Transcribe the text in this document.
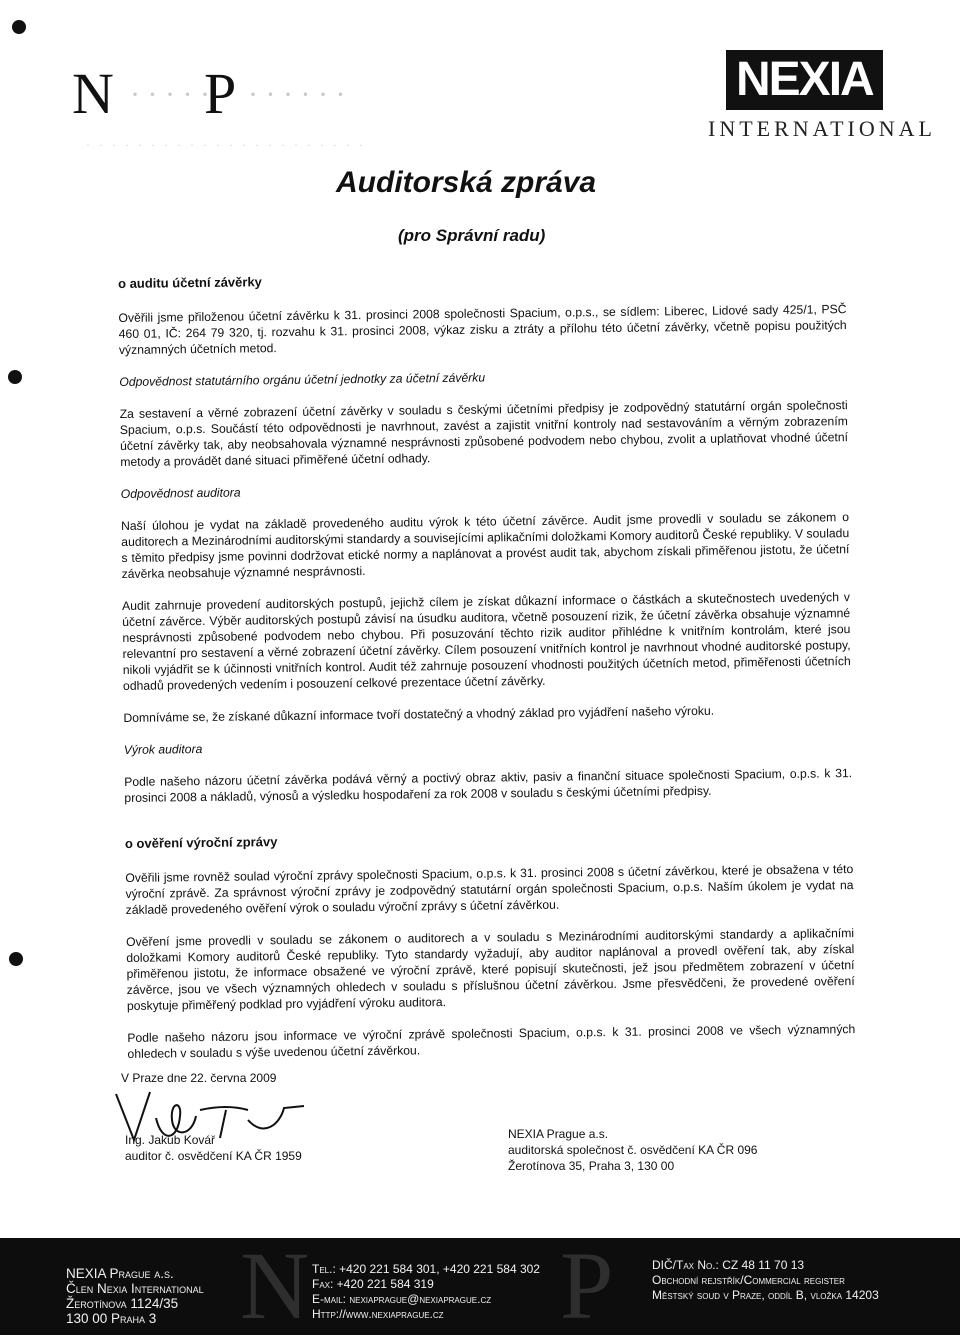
N · · · · ·
P · · · · · ·
· · · · · · · · · · · · · · · · · · · · · ·
NEXIA
INTERNATIONAL
Auditorská zpráva
(pro Správní radu)
o auditu účetní závěrky

Ověřili jsme přiloženou účetní závěrku k 31. prosinci 2008 společnosti Spacium, o.p.s., se sídlem: Liberec, Lidové sady 425/1, PSČ 460 01, IČ: 264 79 320, tj. rozvahu k 31. prosinci 2008, výkaz zisku a ztráty a přílohu této účetní závěrky, včetně popisu použitých významných účetních metod.

Odpovědnost statutárního orgánu účetní jednotky za účetní závěrku

Za sestavení a věrné zobrazení účetní závěrky v souladu s českými účetními předpisy je zodpovědný statutární orgán společnosti Spacium, o.p.s. Součástí této odpovědnosti je navrhnout, zavést a zajistit vnitřní kontroly nad sestavováním a věrným zobrazením účetní závěrky tak, aby neobsahovala významné nesprávnosti způsobené podvodem nebo chybou, zvolit a uplatňovat vhodné účetní metody a provádět dané situaci přiměřené účetní odhady.

Odpovědnost auditora

Naší úlohou je vydat na základě provedeného auditu výrok k této účetní závěrce. Audit jsme provedli v souladu se zákonem o auditorech a Mezinárodními auditorskými standardy a souvisejícími aplikačními doložkami Komory auditorů České republiky. V souladu s těmito předpisy jsme povinni dodržovat etické normy a naplánovat a provést audit tak, abychom získali přiměřenou jistotu, že účetní závěrka neobsahuje významné nesprávnosti.

Audit zahrnuje provedení auditorských postupů, jejichž cílem je získat důkazní informace o částkách a skutečnostech uvedených v účetní závěrce. Výběr auditorských postupů závisí na úsudku auditora, včetně posouzení rizik, že účetní závěrka obsahuje významné nesprávnosti způsobené podvodem nebo chybou. Při posuzování těchto rizik auditor přihlédne k vnitřním kontrolám, které jsou relevantní pro sestavení a věrné zobrazení účetní závěrky. Cílem posouzení vnitřních kontrol je navrhnout vhodné auditorské postupy, nikoli vyjádřit se k účinnosti vnitřních kontrol. Audit též zahrnuje posouzení vhodnosti použitých účetních metod, přiměřenosti účetních odhadů provedených vedením i posouzení celkové prezentace účetní závěrky.

Domníváme se, že získané důkazní informace tvoří dostatečný a vhodný základ pro vyjádření našeho výroku.

Výrok auditora

Podle našeho názoru účetní závěrka podává věrný a poctivý obraz aktiv, pasiv a finanční situace společnosti Spacium, o.p.s. k 31. prosinci 2008 a nákladů, výnosů a výsledku hospodaření za rok 2008 v souladu s českými účetními předpisy.

o ověření výroční zprávy

Ověřili jsme rovněž soulad výroční zprávy společnosti Spacium, o.p.s. k 31. prosinci 2008 s účetní závěrkou, které je obsažena v této výroční zprávě. Za správnost výroční zprávy je zodpovědný statutární orgán společnosti Spacium, o.p.s. Naším úkolem je vydat na základě provedeného ověření výrok o souladu výroční zprávy s účetní závěrkou.

Ověření jsme provedli v souladu se zákonem o auditorech a v souladu s Mezinárodními auditorskými standardy a aplikačními doložkami Komory auditorů České republiky. Tyto standardy vyžadují, aby auditor naplánoval a provedl ověření tak, aby získal přiměřenou jistotu, že informace obsažené ve výroční zprávě, které popisují skutečnosti, jež jsou předmětem zobrazení v účetní závěrce, jsou ve všech významných ohledech v souladu s příslušnou účetní závěrkou. Jsme přesvědčeni, že provedené ověření poskytuje přiměřený podklad pro vyjádření výroku auditora.

Podle našeho názoru jsou informace ve výroční zprávě společnosti Spacium, o.p.s. k 31. prosinci 2008 ve všech významných ohledech v souladu s výše uvedenou účetní závěrkou.

V Praze dne 22. června 2009
Ing. Jakub Kovář
auditor č. osvědčení KA ČR 1959
NEXIA Prague a.s.
auditorská společnost č. osvědčení KA ČR 096
Žerotínova 35, Praha 3, 130 00
N	P
NEXIA Prague a.s.
Člen Nexia International
Žerotínova 1124/35
130 00 Praha 3
Tel.: +420 221 584 301, +420 221 584 302
Fax: +420 221 584 319
E-mail: nexiaprague@nexiaprague.cz
Http://www.nexiaprague.cz
DIČ/Tax No.: CZ 48 11 70 13
Obchodní rejstřík/Commercial register
Městský soud v Praze, oddíl B, vložka 14203
